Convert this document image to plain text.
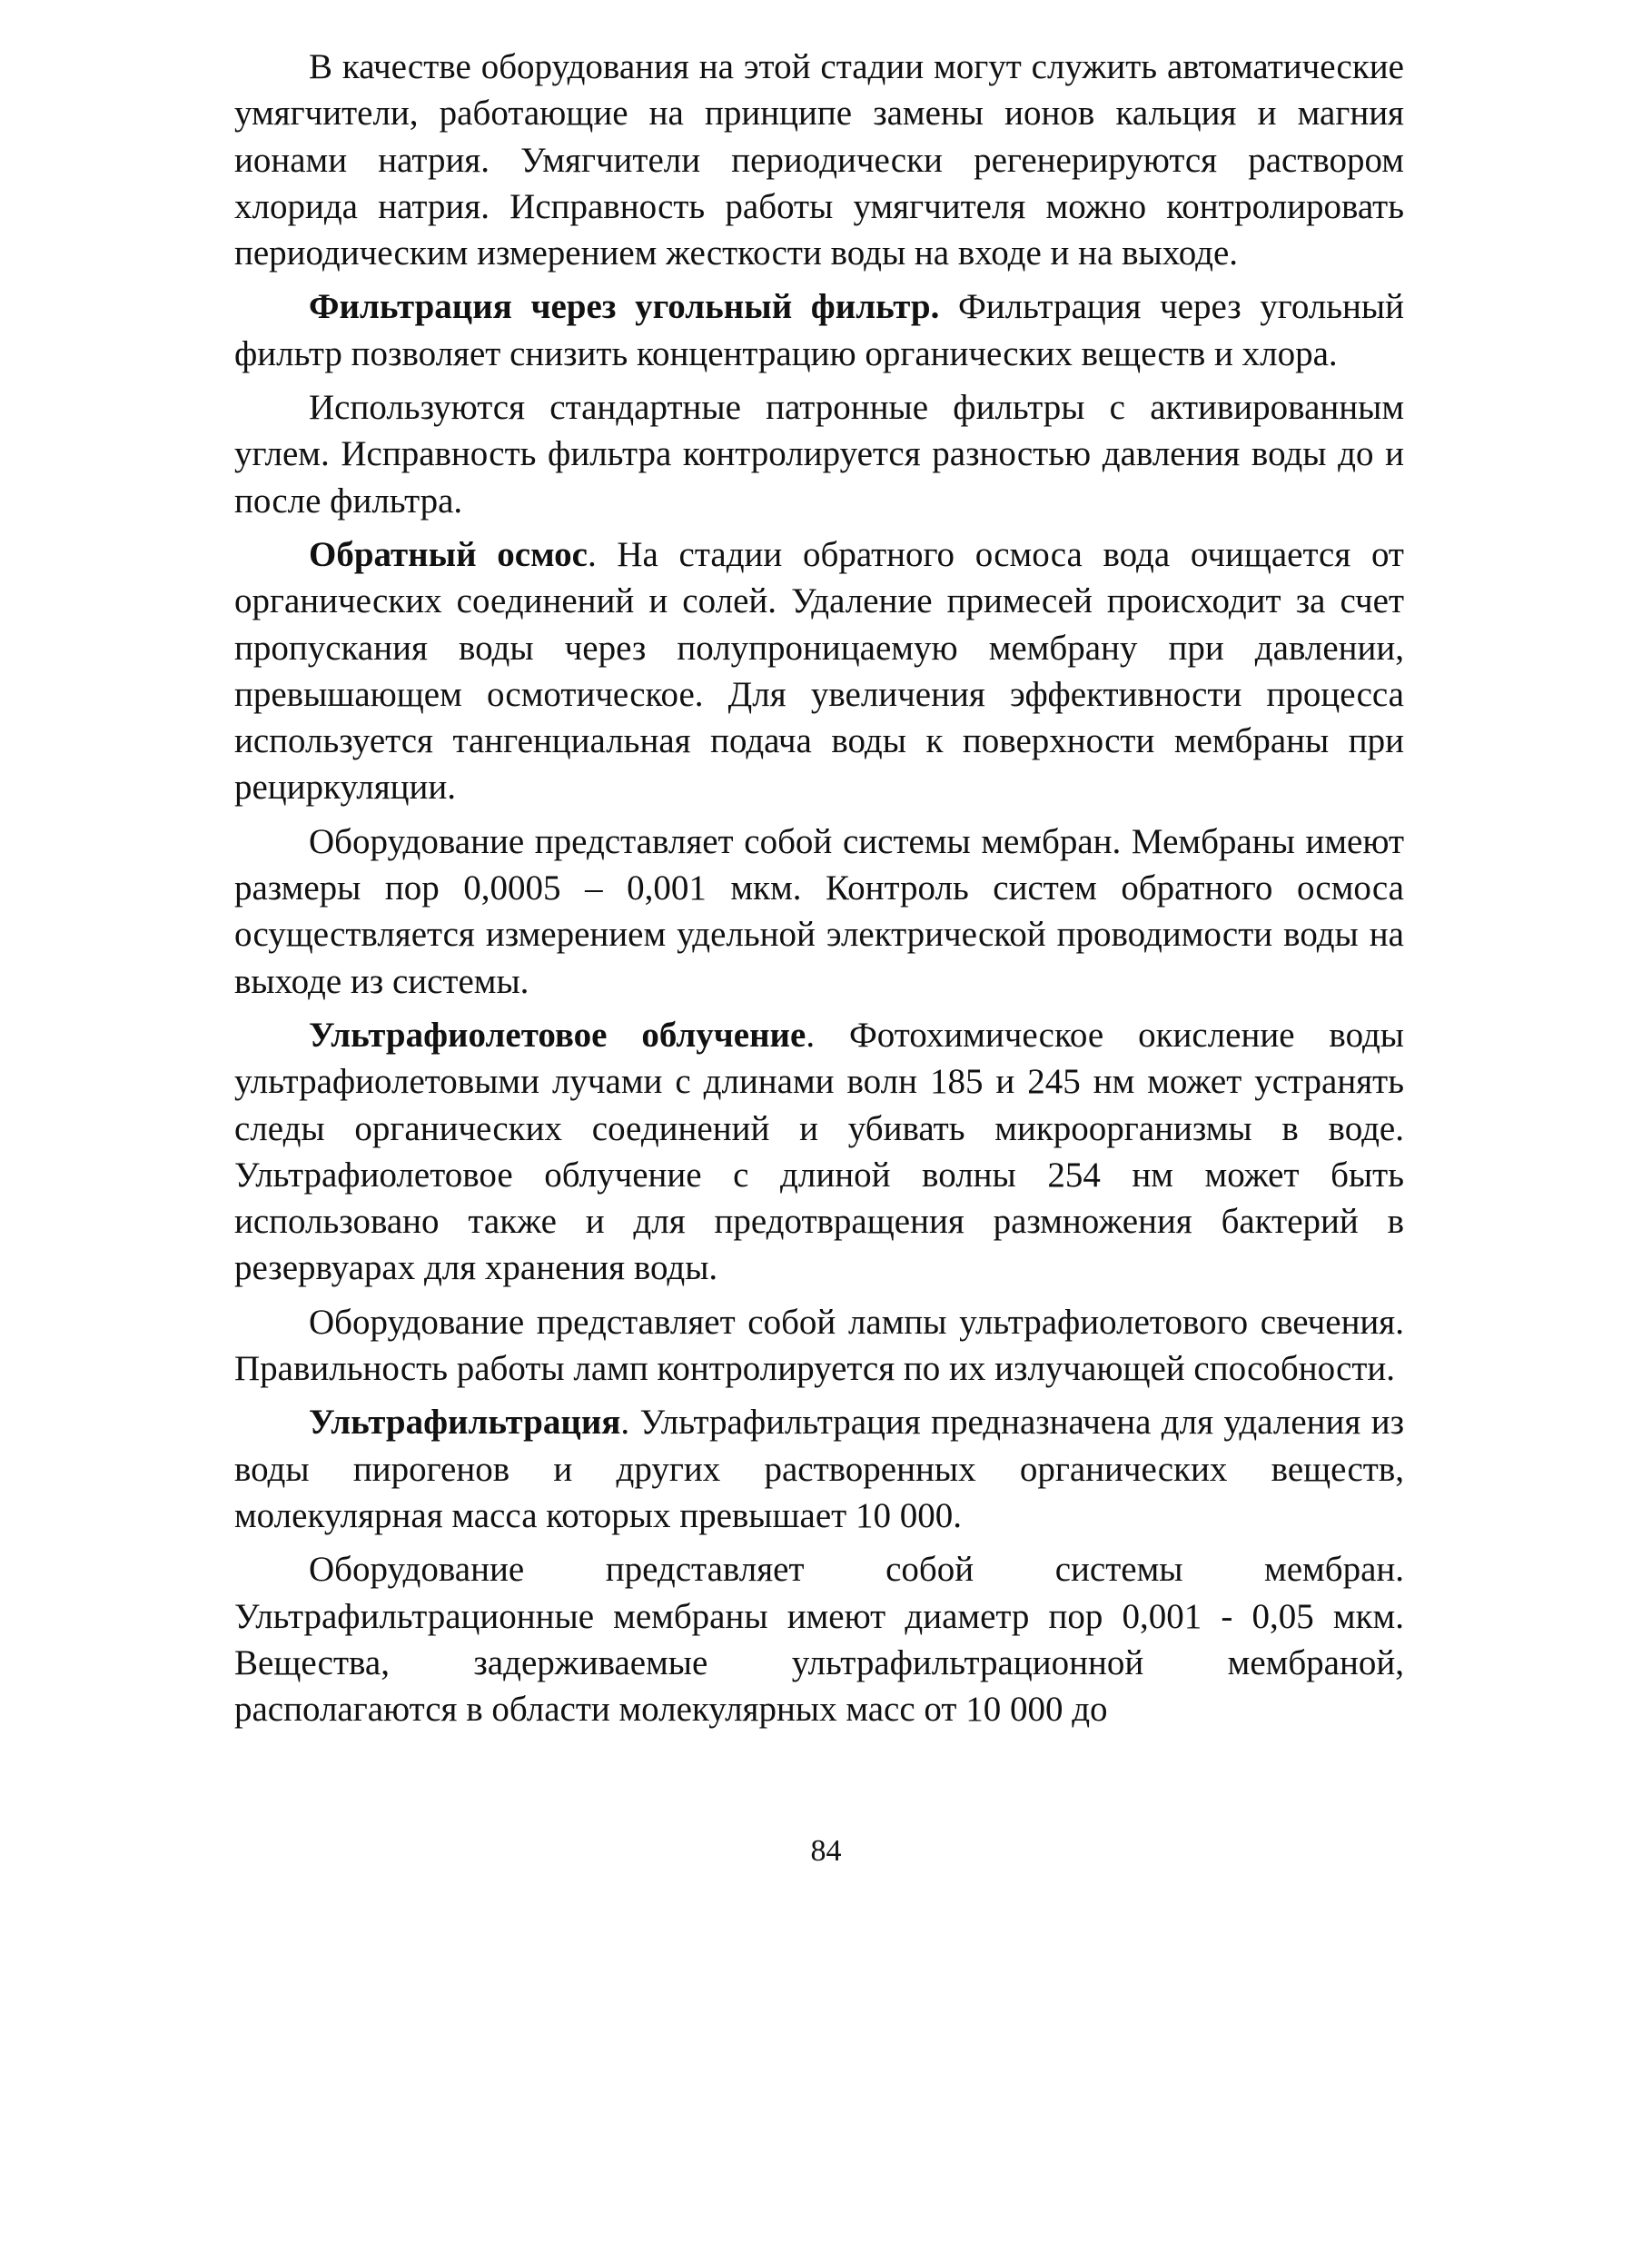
В качестве оборудования на этой стадии могут служить автоматические умягчители, работающие на принципе замены ионов кальция и магния ионами натрия. Умягчители периодически регенерируются раствором хлорида натрия. Исправность работы умягчителя можно контролировать периодическим измерением жесткости воды на входе и на выходе.

Фильтрация через угольный фильтр. Фильтрация через угольный фильтр позволяет снизить концентрацию органических веществ и хлора.

Используются стандартные патронные фильтры с активированным углем. Исправность фильтра контролируется разностью давления воды до и после фильтра.

Обратный осмос. На стадии обратного осмоса вода очищается от органических соединений и солей. Удаление примесей происходит за счет пропускания воды через полупроницаемую мембрану при давлении, превышающем осмотическое. Для увеличения эффективности процесса используется тангенциальная подача воды к поверхности мембраны при рециркуляции.

Оборудование представляет собой системы мембран. Мембраны имеют размеры пор 0,0005 – 0,001 мкм. Контроль систем обратного осмоса осуществляется измерением удельной электрической проводимости воды на выходе из системы.

Ультрафиолетовое облучение. Фотохимическое окисление воды ультрафиолетовыми лучами с длинами волн 185 и 245 нм может устранять следы органических соединений и убивать микроорганизмы в воде. Ультрафиолетовое облучение с длиной волны 254 нм может быть использовано также и для предотвращения размножения бактерий в резервуарах для хранения воды.

Оборудование представляет собой лампы ультрафиолетового свечения. Правильность работы ламп контролируется по их излучающей способности.

Ультрафильтрация. Ультрафильтрация предназначена для удаления из воды пирогенов и других растворенных органических веществ, молекулярная масса которых превышает 10 000.

Оборудование представляет собой системы мембран. Ультрафильтрационные мембраны имеют диаметр пор 0,001 - 0,05 мкм. Вещества, задерживаемые ультрафильтрационной мембраной, располагаются в области молекулярных масс от 10 000 до

84
